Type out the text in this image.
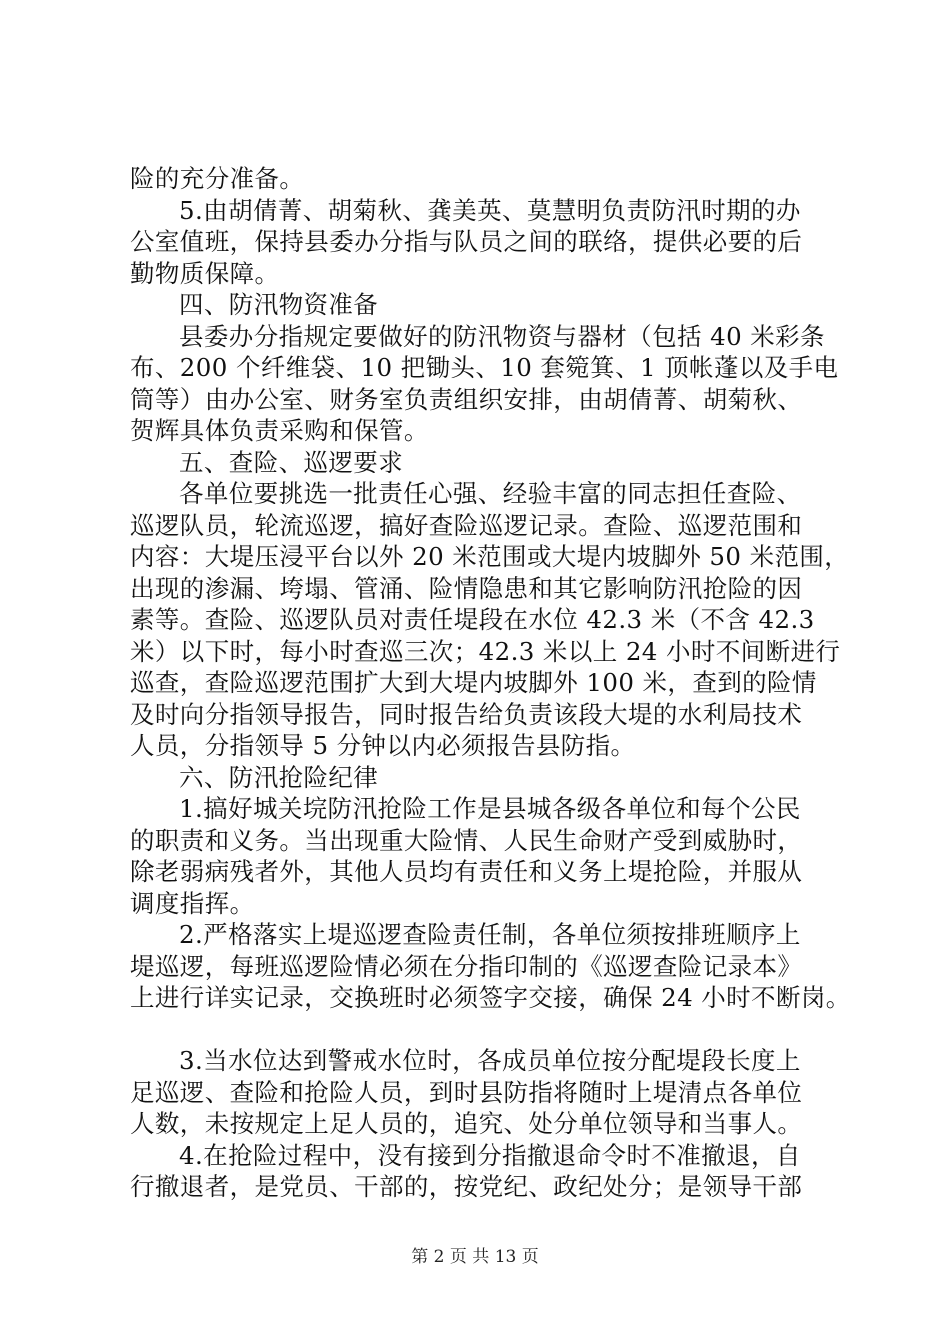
险的充分准备。
5.由胡倩菁、胡菊秋、龚美英、莫慧明负责防汛时期的办
公室值班，保持县委办分指与队员之间的联络，提供必要的后
勤物质保障。
四、防汛物资准备
县委办分指规定要做好的防汛物资与器材（包括 40 米彩条
布、200 个纤维袋、10 把锄头、10 套箢箕、1 顶帐蓬以及手电
筒等）由办公室、财务室负责组织安排，由胡倩菁、胡菊秋、
贺辉具体负责采购和保管。
五、查险、巡逻要求
各单位要挑选一批责任心强、经验丰富的同志担任查险、
巡逻队员，轮流巡逻，搞好查险巡逻记录。查险、巡逻范围和
内容：大堤压浸平台以外 20 米范围或大堤内坡脚外 50 米范围，
出现的渗漏、垮塌、管涌、险情隐患和其它影响防汛抢险的因
素等。查险、巡逻队员对责任堤段在水位 42.3 米（不含 42.3
米）以下时，每小时查巡三次；42.3 米以上 24 小时不间断进行
巡查，查险巡逻范围扩大到大堤内坡脚外 100 米，查到的险情
及时向分指领导报告，同时报告给负责该段大堤的水利局技术
人员，分指领导 5 分钟以内必须报告县防指。
六、防汛抢险纪律
1.搞好城关垸防汛抢险工作是县城各级各单位和每个公民
的职责和义务。当出现重大险情、人民生命财产受到威胁时，
除老弱病残者外，其他人员均有责任和义务上堤抢险，并服从
调度指挥。
2.严格落实上堤巡逻查险责任制，各单位须按排班顺序上
堤巡逻，每班巡逻险情必须在分指印制的《巡逻查险记录本》
上进行详实记录，交换班时必须签字交接，确保 24 小时不断岗。
3.当水位达到警戒水位时，各成员单位按分配堤段长度上
足巡逻、查险和抢险人员，到时县防指将随时上堤清点各单位
人数，未按规定上足人员的，追究、处分单位领导和当事人。
4.在抢险过程中，没有接到分指撤退命令时不准撤退，自
行撤退者，是党员、干部的，按党纪、政纪处分；是领导干部
第 2 页 共 13 页
